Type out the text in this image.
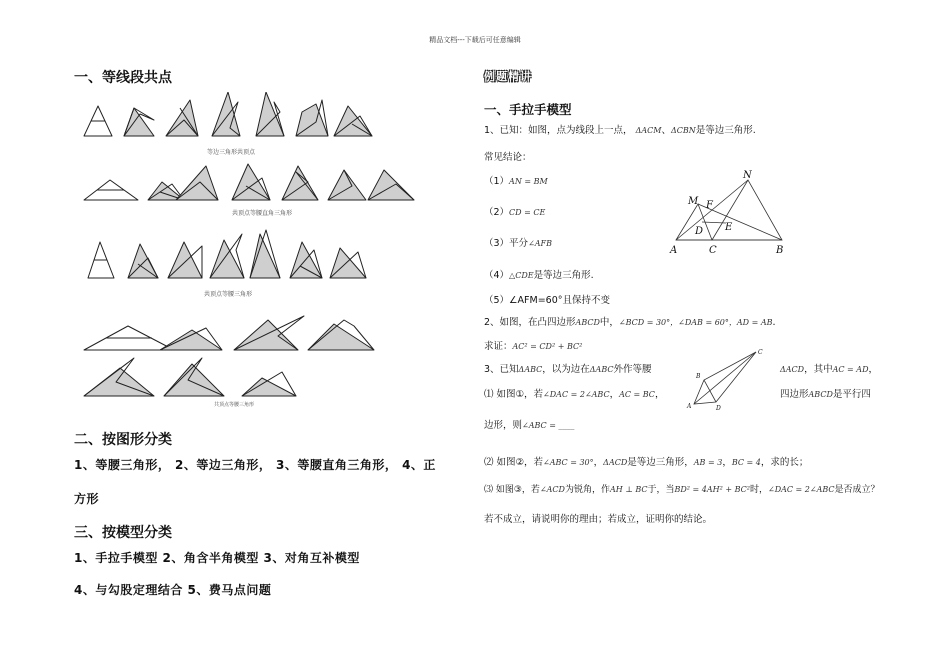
精品文档---下载后可任意编辑
一、等线段共点
等边三角形共顶点
共顶点等腰直角三角形
共顶点等腰三角形
共顶点等腰三角形
二、按图形分类
1、等腰三角形， 2、等边三角形， 3、等腰直角三角形， 4、正
方形
三、按模型分类
1、手拉手模型 2、角含半角模型 3、对角互补模型
4、与勾股定理结合 5、费马点问题
例题精讲
一、手拉手模型
1、已知：如图，点为线段上一点， ΔACM、ΔCBN是等边三角形.
常见结论：
（1）AN = BM
（2）CD = CE
（3）平分∠AFB
（4）△CDE是等边三角形.
（5）∠AFM=60°且保持不变
N
M F
D E
A	C	B
2、如图，在凸四边形ABCD中，∠BCD = 30°，∠DAB = 60°，AD = AB.
求证：AC² = CD² + BC²
3、已知ΔABC，以为边在ΔABC外作等腰	ΔACD，其中AC = AD，
A
B
C
D
⑴ 如图①，若∠DAC = 2∠ABC，AC = BC，	四边形ABCD是平行四
边形，则∠ABC = ____
⑵ 如图②，若∠ABC = 30°，ΔACD是等边三角形，AB = 3，BC = 4，求的长；
⑶ 如图③，若∠ACD为锐角，作AH ⊥ BC于，当BD² = 4AH² + BC²时，∠DAC = 2∠ABC是否成立？
若不成立，请说明你的理由；若成立，证明你的结论。
